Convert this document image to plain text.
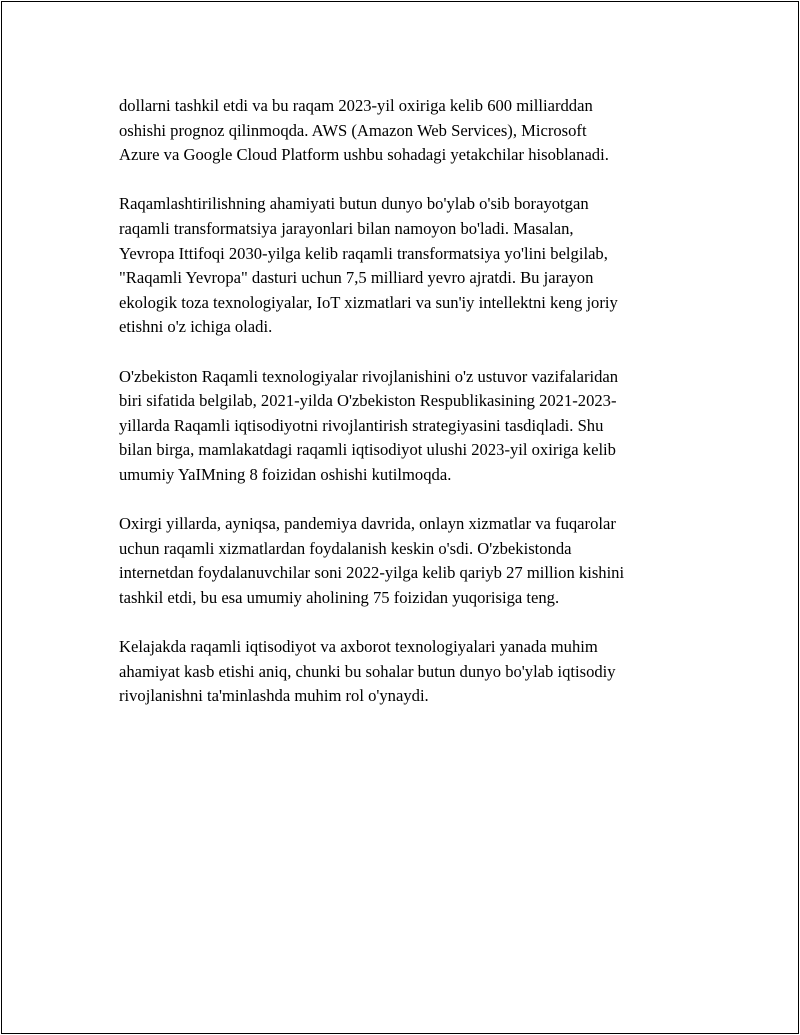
dollarni tashkil etdi va bu raqam 2023-yil oxiriga kelib 600 milliarddan
oshishi prognoz qilinmoqda. AWS (Amazon Web Services), Microsoft
Azure va Google Cloud Platform ushbu sohadagi yetakchilar hisoblanadi.

Raqamlashtirilishning ahamiyati butun dunyo bo'ylab o'sib borayotgan
raqamli transformatsiya jarayonlari bilan namoyon bo'ladi. Masalan,
Yevropa Ittifoqi 2030-yilga kelib raqamli transformatsiya yo'lini belgilab,
"Raqamli Yevropa" dasturi uchun 7,5 milliard yevro ajratdi. Bu jarayon
ekologik toza texnologiyalar, IoT xizmatlari va sun'iy intellektni keng joriy
etishni o'z ichiga oladi.

O'zbekiston Raqamli texnologiyalar rivojlanishini o'z ustuvor vazifalaridan
biri sifatida belgilab, 2021-yilda O'zbekiston Respublikasining 2021-2023-
yillarda Raqamli iqtisodiyotni rivojlantirish strategiyasini tasdiqladi. Shu
bilan birga, mamlakatdagi raqamli iqtisodiyot ulushi 2023-yil oxiriga kelib
umumiy YaIMning 8 foizidan oshishi kutilmoqda.

Oxirgi yillarda, ayniqsa, pandemiya davrida, onlayn xizmatlar va fuqarolar
uchun raqamli xizmatlardan foydalanish keskin o'sdi. O'zbekistonda
internetdan foydalanuvchilar soni 2022-yilga kelib qariyb 27 million kishini
tashkil etdi, bu esa umumiy aholining 75 foizidan yuqorisiga teng.

Kelajakda raqamli iqtisodiyot va axborot texnologiyalari yanada muhim
ahamiyat kasb etishi aniq, chunki bu sohalar butun dunyo bo'ylab iqtisodiy
rivojlanishni ta'minlashda muhim rol o'ynaydi.
